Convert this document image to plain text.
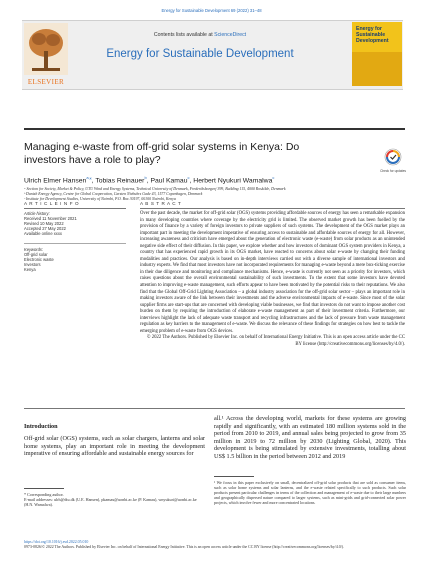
Energy for Sustainable Development 69 (2022) 31–48
ELSEVIER
Contents lists available at ScienceDirect
Energy for Sustainable Development
Energy for Sustainable Development
Managing e-waste from off-grid solar systems in Kenya: Do investors have a role to play?
Check for updates
Ulrich Elmer Hansen$^{a,⁎}$, Tobias Reinauer$^b$, Paul Kamau$^c$, Herbert Nyukuri Wamalwa$^c$
ᵃ Section for Society, Market & Policy, UTU Wind and Energy Systems, Technical University of Denmark, Frederiksborgvej 399, Building 115, 4000 Roskilde, Denmark
ᵇ Danish Energy Agency, Centre for Global Cooperation, Carsten Niebuhrs Gade 43, 1577 Copenhagen, Denmark
ᶜ Institute for Development Studies, University of Nairobi, P.O. Box 30197, 00100 Nairobi, Kenya
A R T I C L E I N F O	A B S T R A C T
Article history:
Received 11 November 2021
Revised 10 May 2022
Accepted 27 May 2022
Available online xxxx
Keywords:
Off-grid solar
Electronic waste
Investors
Kenya
Over the past decade, the market for off-grid solar (OGS) systems providing affordable sources of energy has seen a remarkable expansion in many developing countries where coverage by the electricity grid is limited. The observed market growth has been fuelled by the provision of finance by a variety of foreign investors to private suppliers of such systems. The development of the OGS market plays an important part in meeting the development imperative of ensuring access to sustainable and affordable sources of energy for all. However, increasing awareness and criticism have emerged about the generation of electronic waste (e-waste) from solar products as an unintended negative side effect of their diffusion. In this paper, we explore whether and how investors of dominant OGS system providers in Kenya, a country that has experienced rapid growth in its OGS market, have reacted to concerns about solar e-waste by changing their funding modalities and practices. Our analysis is based on in-depth interviews carried out with a diverse sample of international investors and industry experts. We find that most investors have not incorporated requirements for managing e-waste beyond a mere box-ticking exercise in their due diligence and monitoring and compliance mechanisms. Hence, e-waste is currently not seen as a priority for investors, which raises questions about the overall environmental sustainability of such investments. To the extent that some investors have devoted attention to improving e-waste management, such efforts appear to have been motivated by the potential risks to their reputations. We also find that the Global Off-Grid Lighting Association – a global industry association for the off-grid solar sector – plays an important role in making investors aware of the link between their investments and the adverse environmental impacts of e-waste. Since most of the solar supplier firms are start-ups that are concerned with developing viable businesses, we find that investors do not want to impose another cost burden on them by requiring the introduction of elaborate e-waste management as part of their investment criteria. Furthermore, our interviews highlight the lack of adequate waste transport and recycling infrastructures and the lack of pressure from waste management regulation as key barriers to the management of e-waste. We discuss the relevance of these findings for strategies on how best to tackle the emerging problem of e-waste from OGS devices.
© 2022 The Authors. Published by Elsevier Inc. on behalf of International Energy Initiative. This is an open access article under the CC BY license (http://creativecommons.org/licenses/by/4.0/).
Introduction
Off-grid solar (OGS) systems, such as solar chargers, lanterns and solar home systems, play an important role in meeting the development imperative of ensuring affordable and sustainable energy sources for
all.¹ Across the developing world, markets for these systems are growing rapidly and significantly, with an estimated 180 million systems sold in the period from 2010 to 2019, and annual sales being projected to grow from 35 million in 2019 to 72 million by 2030 (Lighting Global, 2020). This development is being stimulated by extensive investments, totalling about US$ 1.5 billion in the period between 2012 and 2019
¹ We focus in this paper exclusively on small, decentralized off-grid solar products that are sold as consumer items, such as solar home systems and solar lanterns, and the e-waste related specifically to such products. Such solar products present particular challenges in terms of the collection and management of e-waste due to their large numbers and geographically dispersed nature compared to larger systems, such as mini-grids and grid-connected solar power projects, which involve fewer and more concentrated locations.
* Corresponding author.
E-mail addresses: ulrh@dtu.dk (U.E. Hansen), pkamau@uonbi.ac.ke (P. Kamau), wnyukuri@uonbi.ac.ke (H.N. Wamalwa).
https://doi.org/10.1016/j.esd.2022.05.010
0973-0826/© 2022 The Authors. Published by Elsevier Inc. on behalf of International Energy Initiative. This is an open access article under the CC BY license (http://creativecommons.org/licenses/by/4.0/).
